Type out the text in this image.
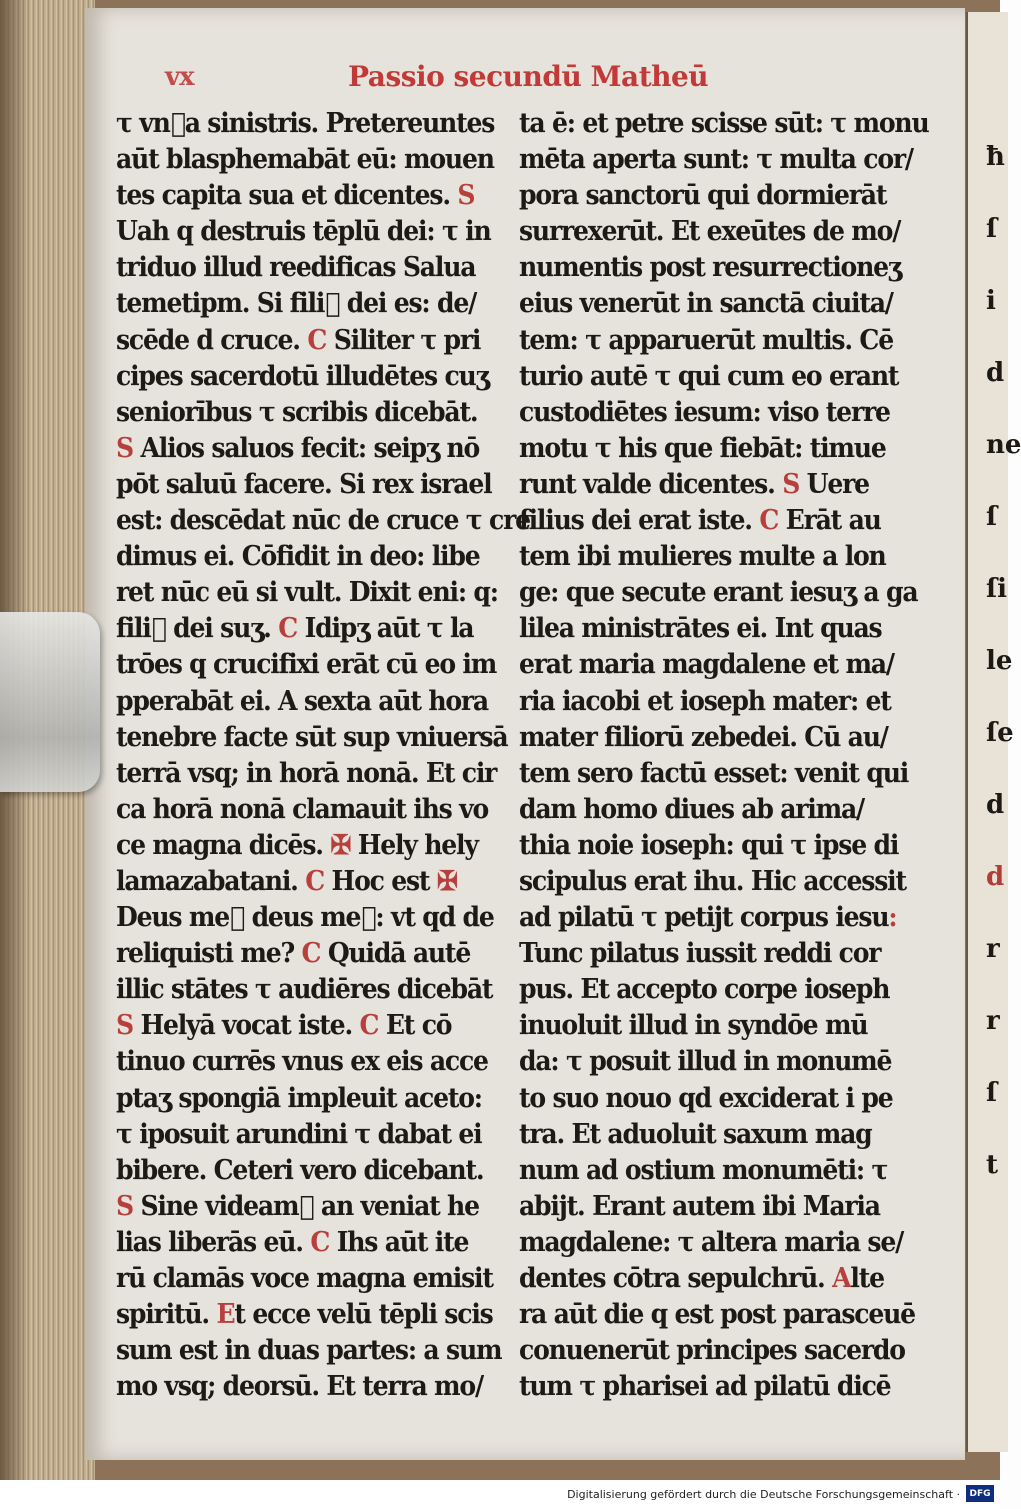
ħ
ſ
i
d
ne
ſ
ſi
le
ſe
d
d
r
r
ſ
t
vx	Passio secundū Matheū
τ vn᷒a sinistris. Pretereuntes
aūt blasphemabāt eū: mouen
tes capita sua et dicentes. S
Uah q destruis tēplū dei: τ in
triduo illud reedificas Salua
temetipm. Si fili᷒ dei es: de/
scēde d cruce. C Siliter τ pri
cipes sacerdotū illudētes cuʒ
seniorībus τ scribis dicebāt.
S Alios saluos fecit: seipʒ nō
pōt saluū facere. Si rex israel
est: descēdat nūc de cruce τ cre
dimus ei. Cōfidit in deo: libe
ret nūc eū si vult. Dixit eni: q:
fili᷒ dei suʒ. C Idipʒ aūt τ la
trōes q crucifixi erāt cū eo im
pperabāt ei. A sexta aūt hora
tenebre facte sūt sup vniuersā
terrā vsq; in horā nonā. Et cir
ca horā nonā clamauit ihs vo
ce magna dicēs. ✠ Hely hely
lamazabatani. C Hoc est ✠
Deus me᷒ deus me᷒: vt qd de
reliquisti me? C Quidā autē
illic stātes τ audiēres dicebāt
S Helyā vocat iste. C Et cō
tinuo currēs vnus ex eis acce
ptaʒ spongiā impleuit aceto:
τ iposuit arundini τ dabat ei
bibere. Ceteri vero dicebant.
S Sine videam᷒ an veniat he
lias liberās eū. C Ihs aūt ite
rū clamās voce magna emisit
spiritū. Et ecce velū tēpli scis
sum est in duas partes: a sum
mo vsq; deorsū. Et terra mo/
ta ē: et petre scisse sūt: τ monu
mēta aperta sunt: τ multa cor/
pora sanctorū qui dormierāt
surrexerūt. Et exeūtes de mo/
numentis post resurrectioneʒ
eius venerūt in sanctā ciuita/
tem: τ apparuerūt multis. Cē
turio autē τ qui cum eo erant
custodiētes iesum: viso terre
motu τ his que fiebāt: timue
runt valde dicentes. S Uere
filius dei erat iste. C Erāt au
tem ibi mulieres multe a lon
ge: que secute erant iesuʒ a ga
lilea ministrātes ei. Int quas
erat maria magdalene et ma/
ria iacobi et ioseph mater: et
mater filiorū zebedei. Cū au/
tem sero factū esset: venit qui
dam homo diues ab arima/
thia noie ioseph: qui τ ipse di
scipulus erat ihu. Hic accessit
ad pilatū τ petijt corpus iesu:
Tunc pilatus iussit reddi cor
pus. Et accepto corpe ioseph
inuoluit illud in syndōe mū
da: τ posuit illud in monumē
to suo nouo qd exciderat i pe
tra. Et aduoluit saxum mag
num ad ostium monumēti: τ
abijt. Erant autem ibi Maria
magdalene: τ altera maria se/
dentes cōtra sepulchrū. Alte
ra aūt die q est post parasceuē
conuenerūt principes sacerdo
tum τ pharisei ad pilatū dicē
Digitalisierung gefördert durch die Deutsche Forschungsgemeinschaft ·	DFG
